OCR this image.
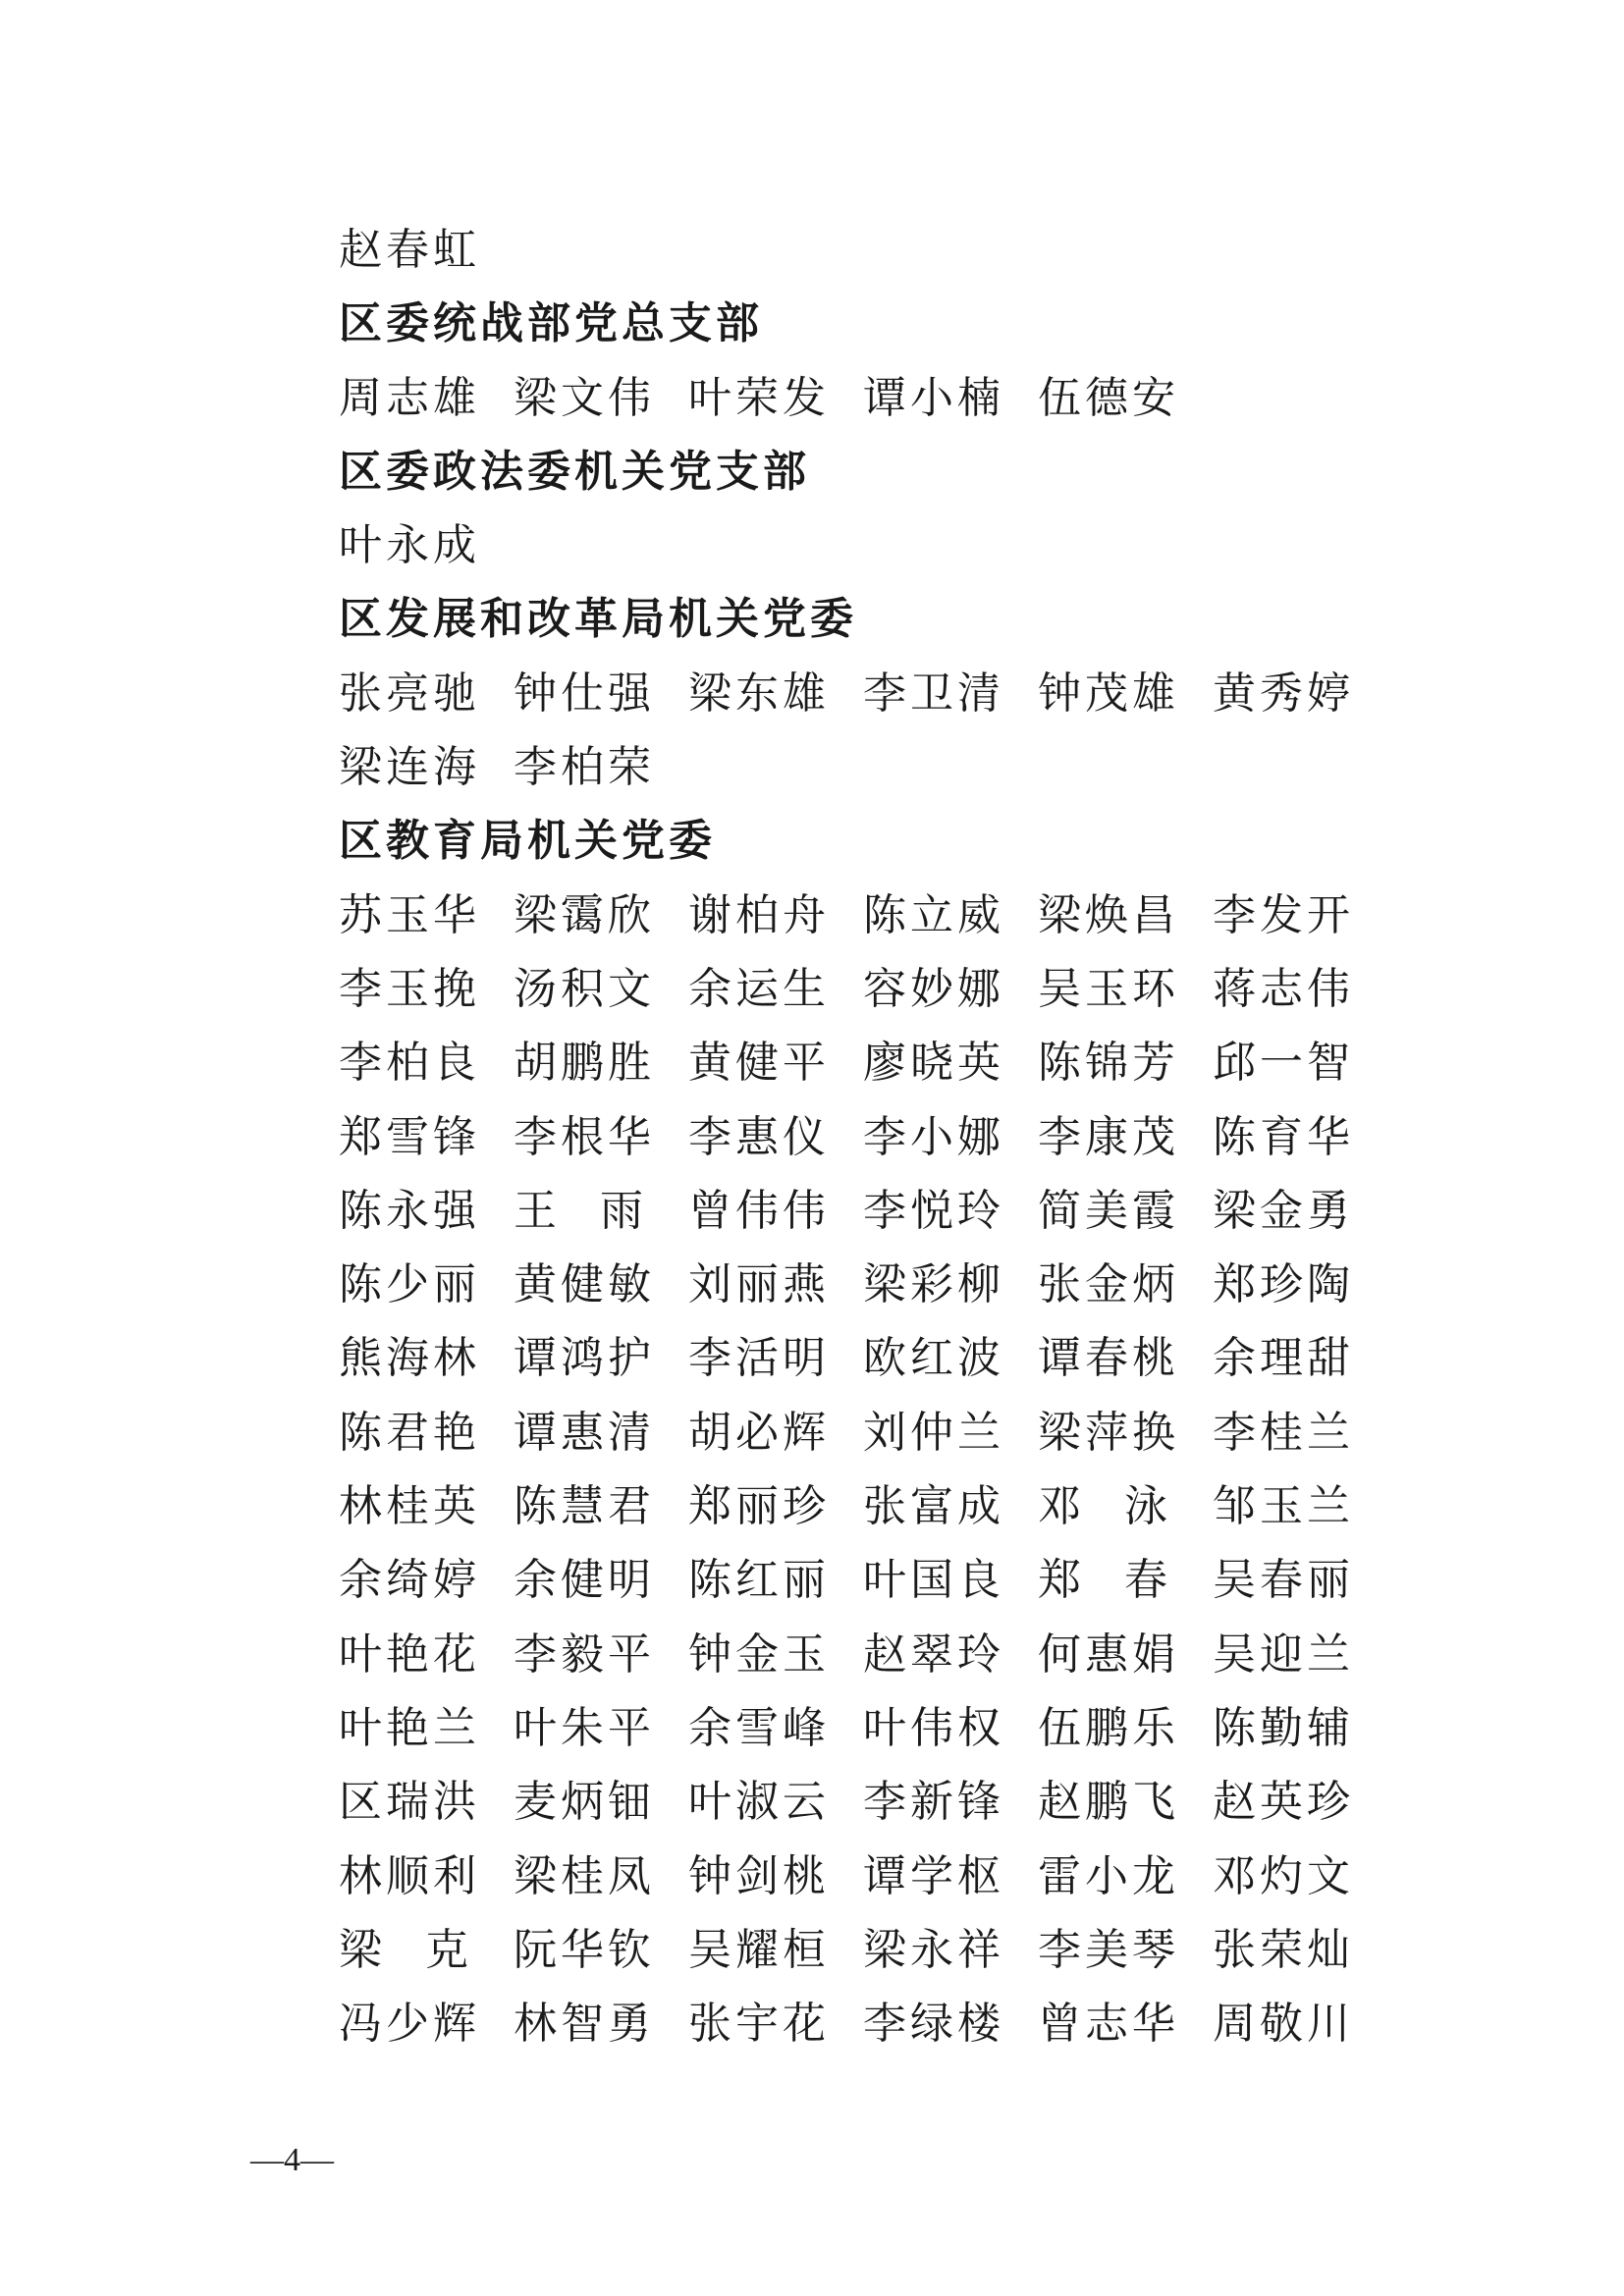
赵春虹
区委统战部党总支部
周志雄 梁文伟 叶荣发 谭小楠 伍德安
区委政法委机关党支部
叶永成
区发展和改革局机关党委
张亮驰 钟仕强 梁东雄 李卫清 钟茂雄 黄秀婷
梁连海 李柏荣
区教育局机关党委
苏玉华 梁霭欣 谢柏舟 陈立威 梁焕昌 李发开
李玉挽 汤积文 余运生 容妙娜 吴玉环 蒋志伟
李柏良 胡鹏胜 黄健平 廖晓英 陈锦芳 邱一智
郑雪锋 李根华 李惠仪 李小娜 李康茂 陈育华
陈永强 王　雨 曾伟伟 李悦玲 简美霞 梁金勇
陈少丽 黄健敏 刘丽燕 梁彩柳 张金炳 郑珍陶
熊海林 谭鸿护 李活明 欧红波 谭春桃 余理甜
陈君艳 谭惠清 胡必辉 刘仲兰 梁萍换 李桂兰
林桂英 陈慧君 郑丽珍 张富成 邓　泳 邹玉兰
余绮婷 余健明 陈红丽 叶国良 郑　春 吴春丽
叶艳花 李毅平 钟金玉 赵翠玲 何惠娟 吴迎兰
叶艳兰 叶朱平 余雪峰 叶伟权 伍鹏乐 陈勤辅
区瑞洪 麦炳钿 叶淑云 李新锋 赵鹏飞 赵英珍
林顺利 梁桂凤 钟剑桃 谭学枢 雷小龙 邓灼文
梁　克 阮华钦 吴耀桓 梁永祥 李美琴 张荣灿
冯少辉 林智勇 张宇花 李绿楼 曾志华 周敬川
—4—
